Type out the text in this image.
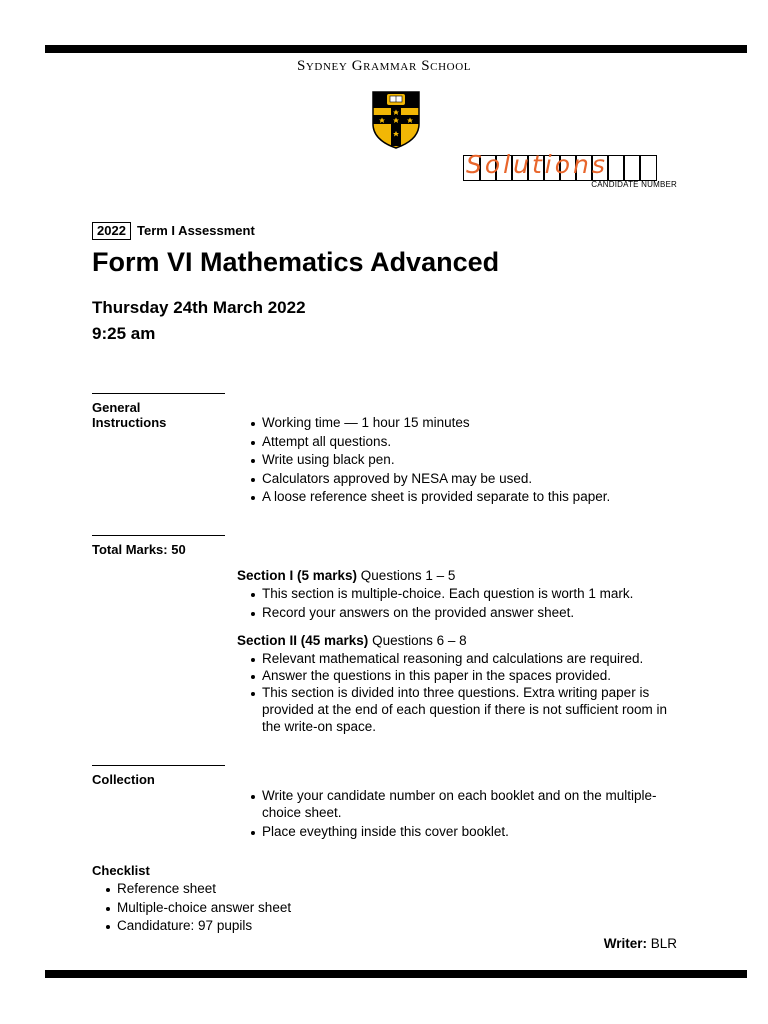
Sydney Grammar School
Solutions
CANDIDATE NUMBER
2022 Term I Assessment
Form VI Mathematics Advanced
Thursday 24th March 2022
9:25 am
General
Instructions	Working time — 1 hour 15 minutes
Attempt all questions.
Write using black pen.
Calculators approved by NESA may be used.
A loose reference sheet is provided separate to this paper.
Total Marks: 50
Section I (5 marks) Questions 1 – 5
This section is multiple-choice. Each question is worth 1 mark.
Record your answers on the provided answer sheet.
Section II (45 marks) Questions 6 – 8
Relevant mathematical reasoning and calculations are required.
Answer the questions in this paper in the spaces provided.
This section is divided into three questions. Extra writing paper is provided at the end of each question if there is not sufficient room in the write-on space.
Collection
Write your candidate number on each booklet and on the multiple-choice sheet.
Place eveything inside this cover booklet.
Checklist
Reference sheet
Multiple-choice answer sheet
Candidature: 97 pupils
Writer: BLR
